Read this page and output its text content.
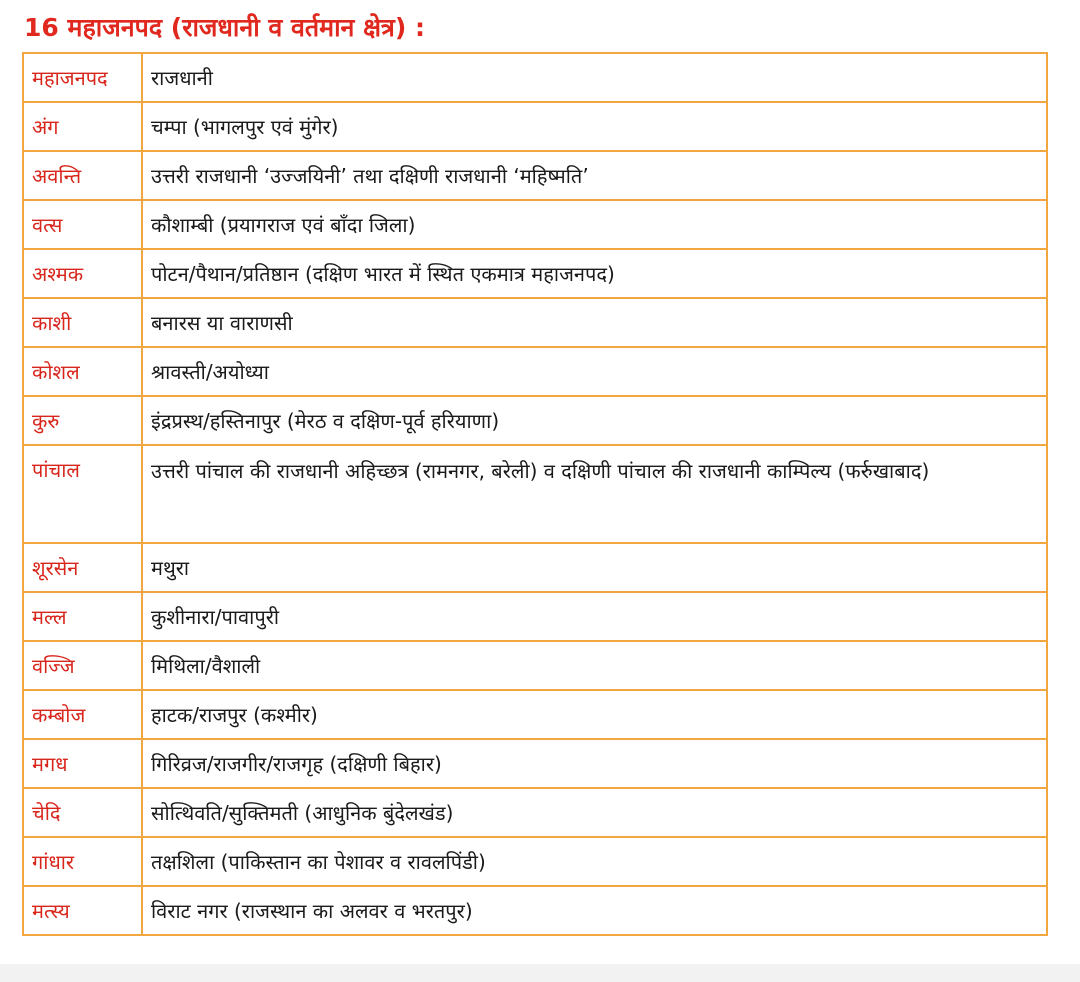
16 महाजनपद (राजधानी व वर्तमान क्षेत्र) :
महाजनपद	राजधानी
अंग	चम्पा (भागलपुर एवं मुंगेर)
अवन्ति	उत्तरी राजधानी ‘उज्जयिनी’ तथा दक्षिणी राजधानी ‘महिष्मति’
वत्स	कौशाम्बी (प्रयागराज एवं बाँदा जिला)
अश्मक	पोटन/पैथान/प्रतिष्ठान (दक्षिण भारत में स्थित एकमात्र महाजनपद)
काशी	बनारस या वाराणसी
कोशल	श्रावस्ती/अयोध्या
कुरु	इंद्रप्रस्थ/हस्तिनापुर (मेरठ व दक्षिण-पूर्व हरियाणा)
पांचाल	उत्तरी पांचाल की राजधानी अहिच्छत्र (रामनगर, बरेली) व दक्षिणी पांचाल की राजधानी काम्पिल्य (फर्रुखाबाद)
शूरसेन	मथुरा
मल्ल	कुशीनारा/पावापुरी
वज्जि	मिथिला/वैशाली
कम्बोज	हाटक/राजपुर (कश्मीर)
मगध	गिरिव्रज/राजगीर/राजगृह (दक्षिणी बिहार)
चेदि	सोत्थिवति/सुक्तिमती (आधुनिक बुंदेलखंड)
गांधार	तक्षशिला (पाकिस्तान का पेशावर व रावलपिंडी)
मत्स्य	विराट नगर (राजस्थान का अलवर व भरतपुर)
